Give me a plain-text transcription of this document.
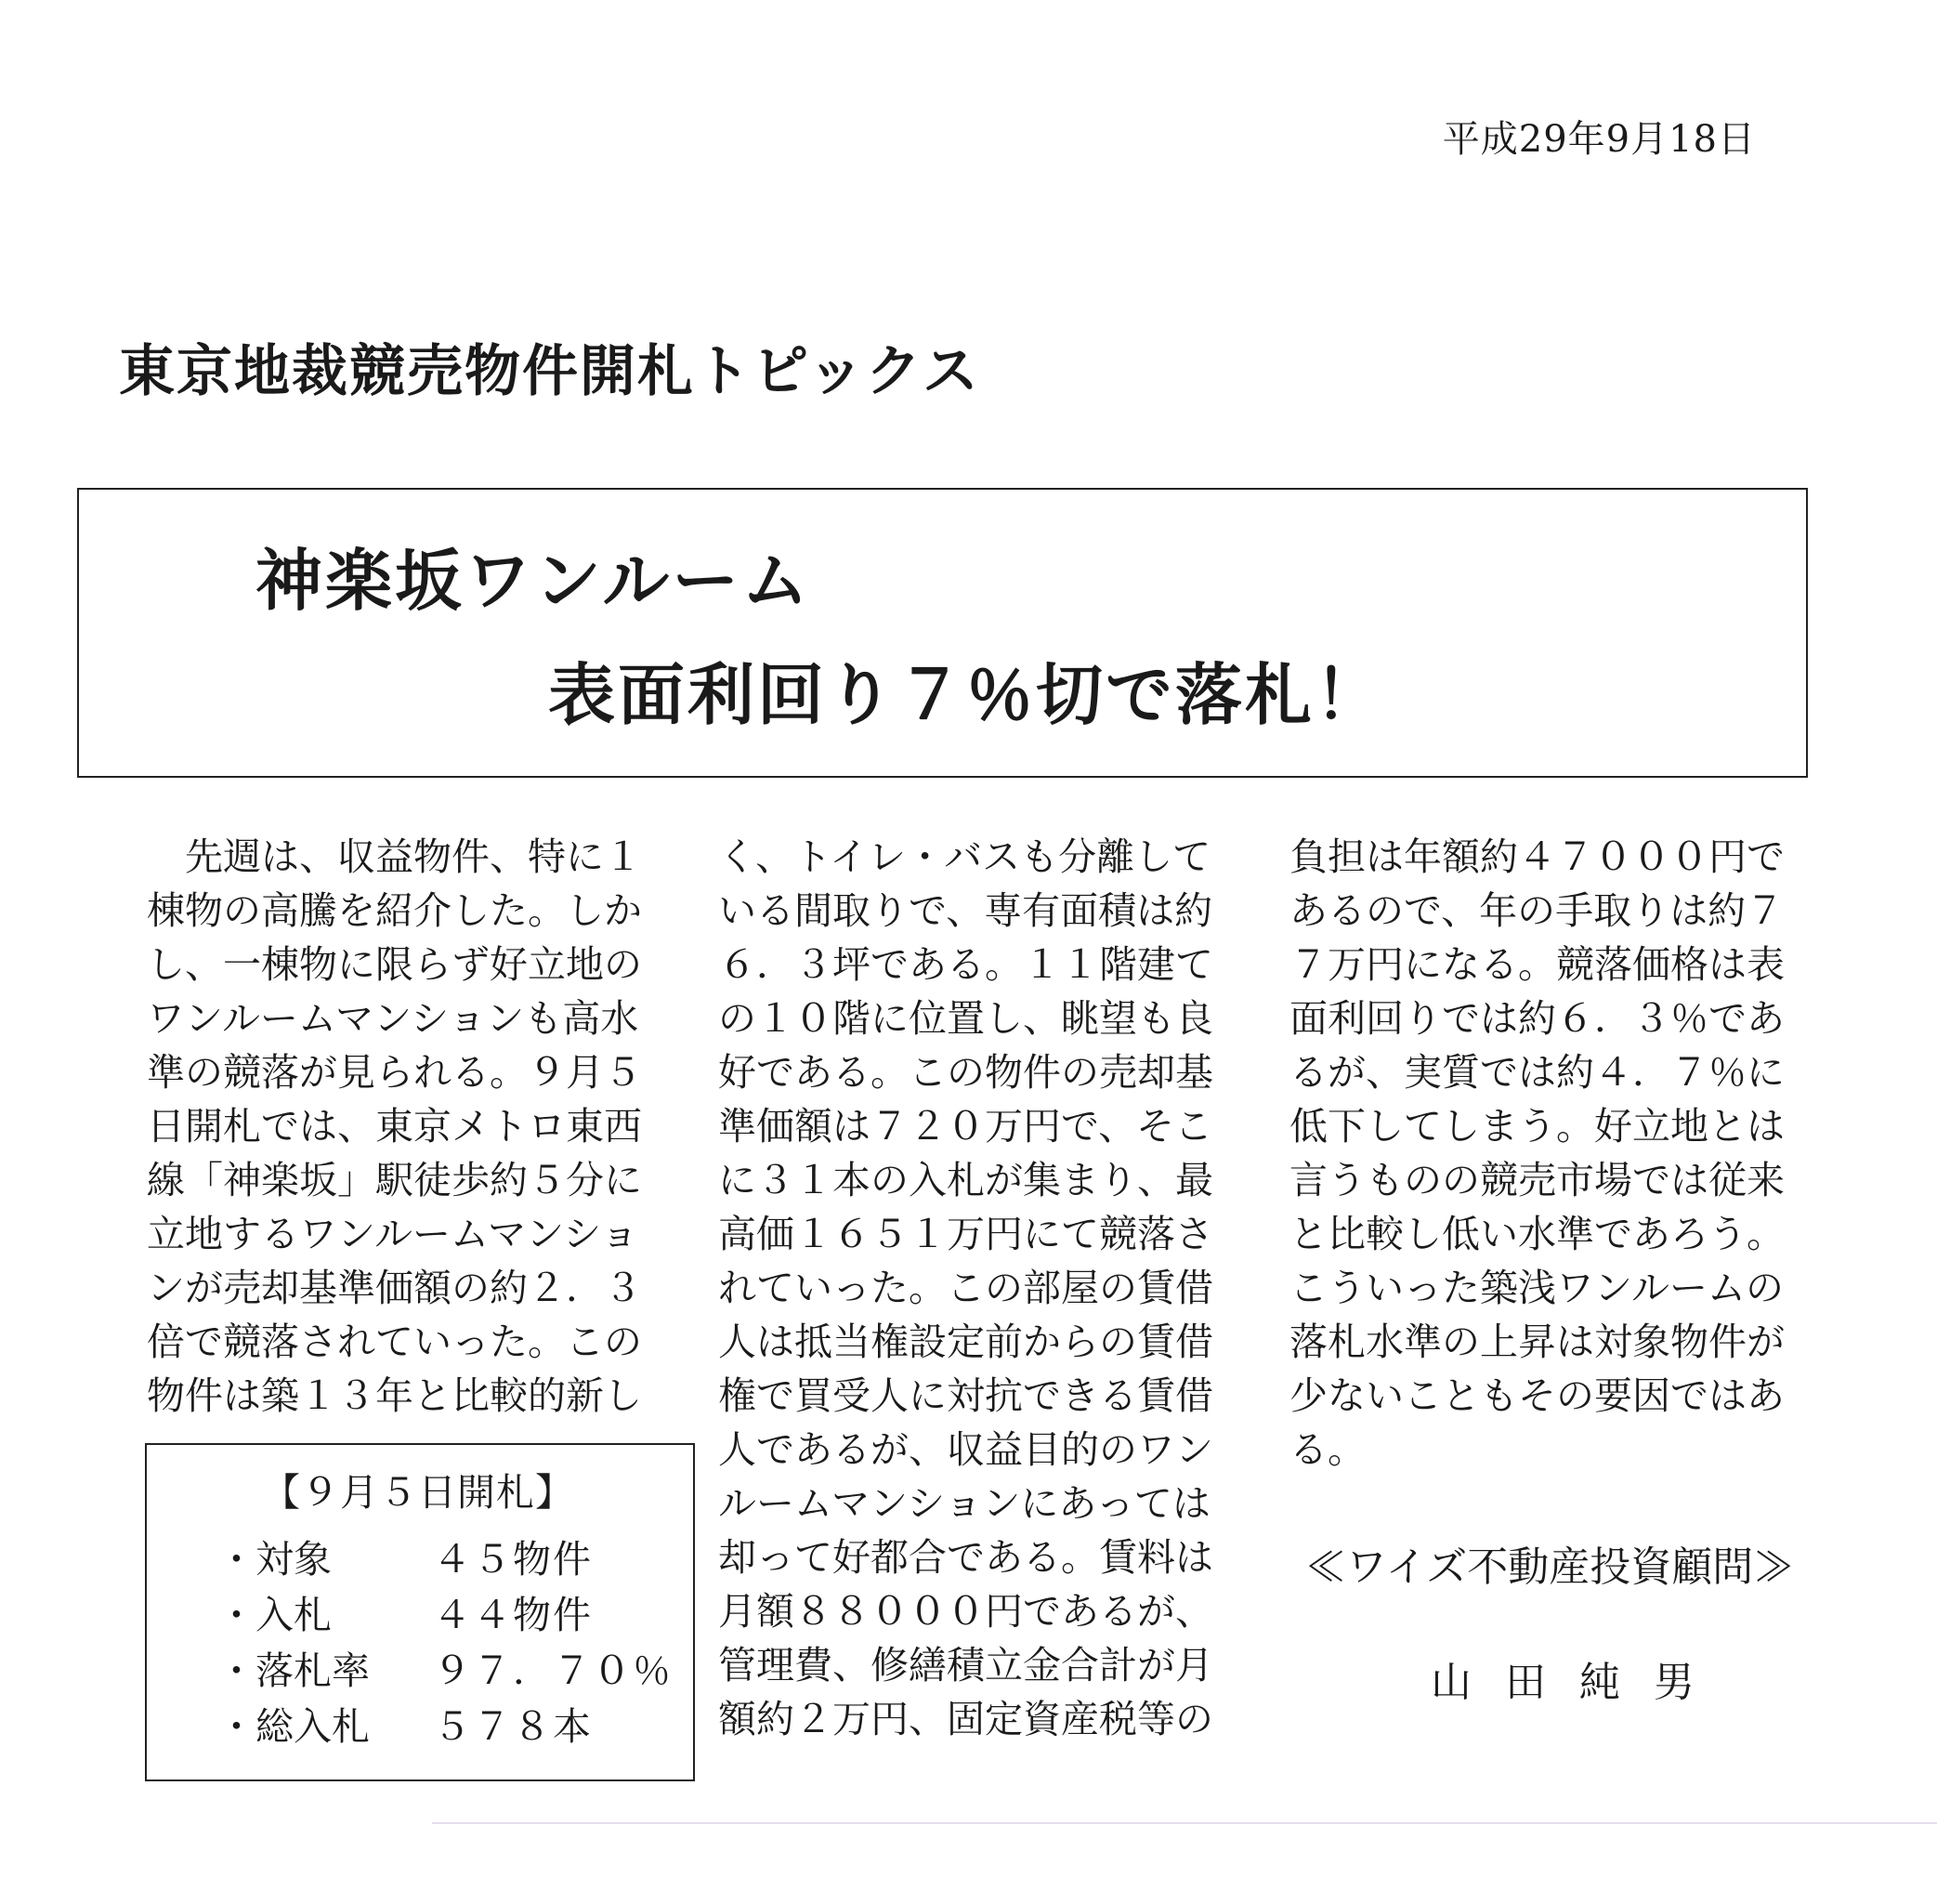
平成29年9月18日
東京地裁競売物件開札トピックス
神楽坂ワンルーム
表面利回り７％切で落札！
　先週は、収益物件、特に１
棟物の高騰を紹介した。しか
し、一棟物に限らず好立地の
ワンルームマンションも高水
準の競落が見られる。９月５
日開札では、東京メトロ東西
線「神楽坂」駅徒歩約５分に
立地するワンルームマンショ
ンが売却基準価額の約２．３
倍で競落されていった。この
物件は築１３年と比較的新し
く、トイレ・バスも分離して
いる間取りで、専有面積は約
６．３坪である。１１階建て
の１０階に位置し、眺望も良
好である。この物件の売却基
準価額は７２０万円で、そこ
に３１本の入札が集まり、最
高価１６５１万円にて競落さ
れていった。この部屋の賃借
人は抵当権設定前からの賃借
権で買受人に対抗できる賃借
人であるが、収益目的のワン
ルームマンションにあっては
却って好都合である。賃料は
月額８８０００円であるが、
管理費、修繕積立金合計が月
額約２万円、固定資産税等の
負担は年額約４７０００円で
あるので、年の手取りは約７
７万円になる。競落価格は表
面利回りでは約６．３％であ
るが、実質では約４．７％に
低下してしまう。好立地とは
言うものの競売市場では従来
と比較し低い水準であろう。
こういった築浅ワンルームの
落札水準の上昇は対象物件が
少ないこともその要因ではあ
る。
【９月５日開札】
・対象	４５物件
・入札	４４物件
・落札率 ９７．７０％
・総入札 ５７８本
≪ワイズ不動産投資顧問≫
山田純男
